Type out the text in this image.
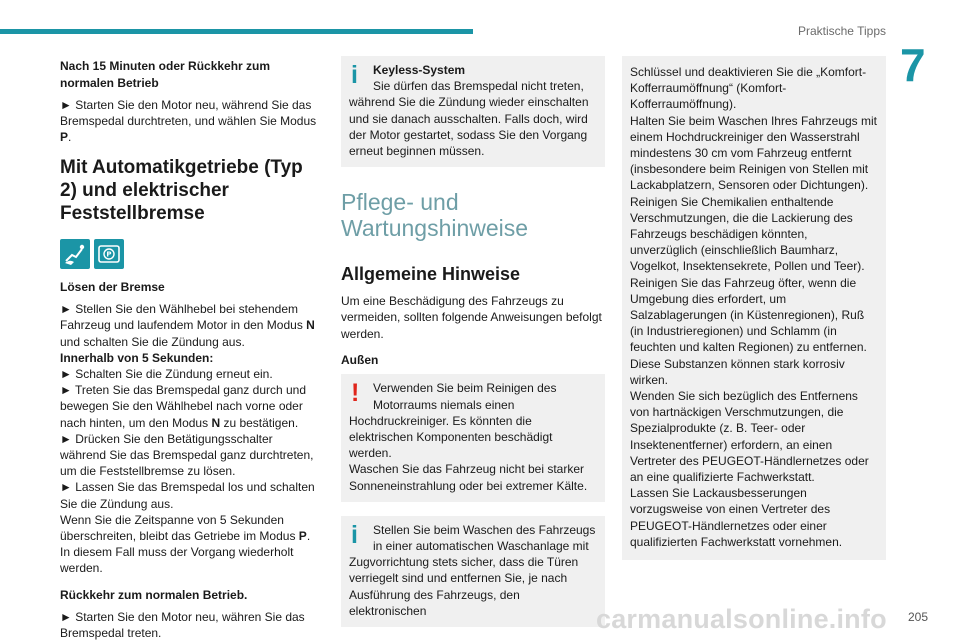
Praktische Tipps
7

Nach 15 Minuten oder Rückkehr zum normalen Betrieb

► Starten Sie den Motor neu, während Sie das Bremspedal durchtreten, und wählen Sie Modus P.

Mit Automatikgetriebe (Typ 2) und elektrischer Feststellbremse

P

Lösen der Bremse

► Stellen Sie den Wählhebel bei stehendem Fahrzeug und laufendem Motor in den Modus N und schalten Sie die Zündung aus.

Innerhalb von 5 Sekunden:

► Schalten Sie die Zündung erneut ein.

► Treten Sie das Bremspedal ganz durch und bewegen Sie den Wählhebel nach vorne oder nach hinten, um den Modus N zu bestätigen.

► Drücken Sie den Betätigungsschalter während Sie das Bremspedal ganz durchtreten, um die Feststellbremse zu lösen.

► Lassen Sie das Bremspedal los und schalten Sie die Zündung aus.

Wenn Sie die Zeitspanne von 5 Sekunden überschreiten, bleibt das Getriebe im Modus P. In diesem Fall muss der Vorgang wiederholt werden.

Rückkehr zum normalen Betrieb.

► Starten Sie den Motor neu, währen Sie das Bremspedal treten.

i	Keyless-System

Sie dürfen das Bremspedal nicht treten,

während Sie die Zündung wieder einschalten und sie danach ausschalten. Falls doch, wird der Motor gestartet, sodass Sie den Vorgang erneut beginnen müssen.

Pflege- und Wartungshinweise

Allgemeine Hinweise

Um eine Beschädigung des Fahrzeugs zu vermeiden, sollten folgende Anweisungen befolgt werden.

Außen

!	Verwenden Sie beim Reinigen des Motorraums niemals einen

Hochdruckreiniger. Es könnten die elektrischen Komponenten beschädigt werden.

Waschen Sie das Fahrzeug nicht bei starker Sonneneinstrahlung oder bei extremer Kälte.

i	Stellen Sie beim Waschen des Fahrzeugs in einer automatischen Waschanlage mit

Zugvorrichtung stets sicher, dass die Türen verriegelt sind und entfernen Sie, je nach Ausführung des Fahrzeugs, den elektronischen

Schlüssel und deaktivieren Sie die „Komfort-Kofferraumöffnung“ (Komfort-Kofferraumöffnung).

Halten Sie beim Waschen Ihres Fahrzeugs mit einem Hochdruckreiniger den Wasserstrahl mindestens 30 cm vom Fahrzeug entfernt (insbesondere beim Reinigen von Stellen mit Lackabplatzern, Sensoren oder Dichtungen).

Reinigen Sie Chemikalien enthaltende Verschmutzungen, die die Lackierung des Fahrzeugs beschädigen könnten, unverzüglich (einschließlich Baumharz, Vogelkot, Insektensekrete, Pollen und Teer).

Reinigen Sie das Fahrzeug öfter, wenn die Umgebung dies erfordert, um Salzablagerungen (in Küstenregionen), Ruß (in Industrieregionen) und Schlamm (in feuchten und kalten Regionen) zu entfernen. Diese Substanzen können stark korrosiv wirken.

Wenden Sie sich bezüglich des Entfernens von hartnäckigen Verschmutzungen, die Spezialprodukte (z. B. Teer- oder Insektenentferner) erfordern, an einen Vertreter des PEUGEOT-Händlernetzes oder an eine qualifizierte Fachwerkstatt.

Lassen Sie Lackausbesserungen vorzugsweise von einen Vertreter des PEUGEOT-Händlernetzes oder einer qualifizierten Fachwerkstatt vornehmen.

carmanualsonline.info 205
